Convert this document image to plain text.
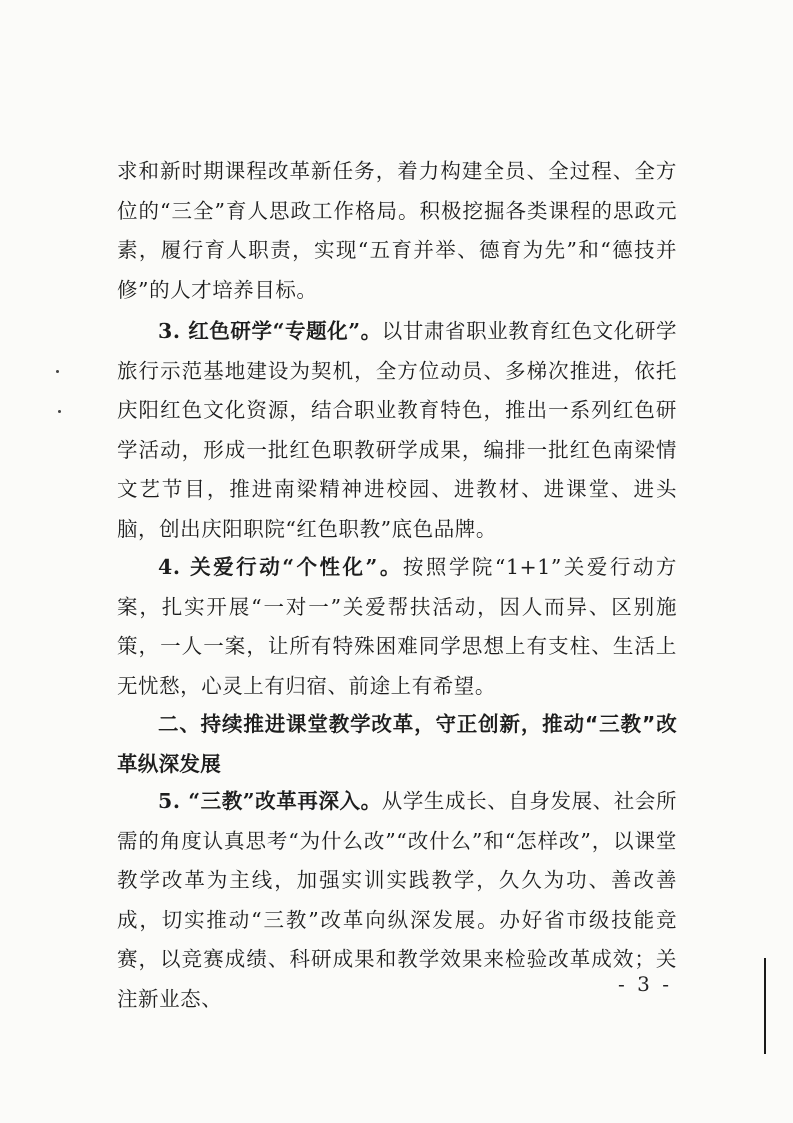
求和新时期课程改革新任务，着力构建全员、全过程、全方位的“三全”育人思政工作格局。积极挖掘各类课程的思政元素，履行育人职责，实现“五育并举、德育为先”和“德技并修”的人才培养目标。

3. 红色研学“专题化”。以甘肃省职业教育红色文化研学旅行示范基地建设为契机，全方位动员、多梯次推进，依托庆阳红色文化资源，结合职业教育特色，推出一系列红色研学活动，形成一批红色职教研学成果，编排一批红色南梁情文艺节目，推进南梁精神进校园、进教材、进课堂、进头脑，创出庆阳职院“红色职教”底色品牌。

4. 关爱行动“个性化”。按照学院“1+1”关爱行动方案，扎实开展“一对一”关爱帮扶活动，因人而异、区别施策，一人一案，让所有特殊困难同学思想上有支柱、生活上无忧愁，心灵上有归宿、前途上有希望。

二、持续推进课堂教学改革，守正创新，推动“三教”改革纵深发展

5. “三教”改革再深入。从学生成长、自身发展、社会所需的角度认真思考“为什么改”“改什么”和“怎样改”，以课堂教学改革为主线，加强实训实践教学，久久为功、善改善成，切实推动“三教”改革向纵深发展。办好省市级技能竞赛，以竞赛成绩、科研成果和教学效果来检验改革成效；关注新业态、

- 3 -
